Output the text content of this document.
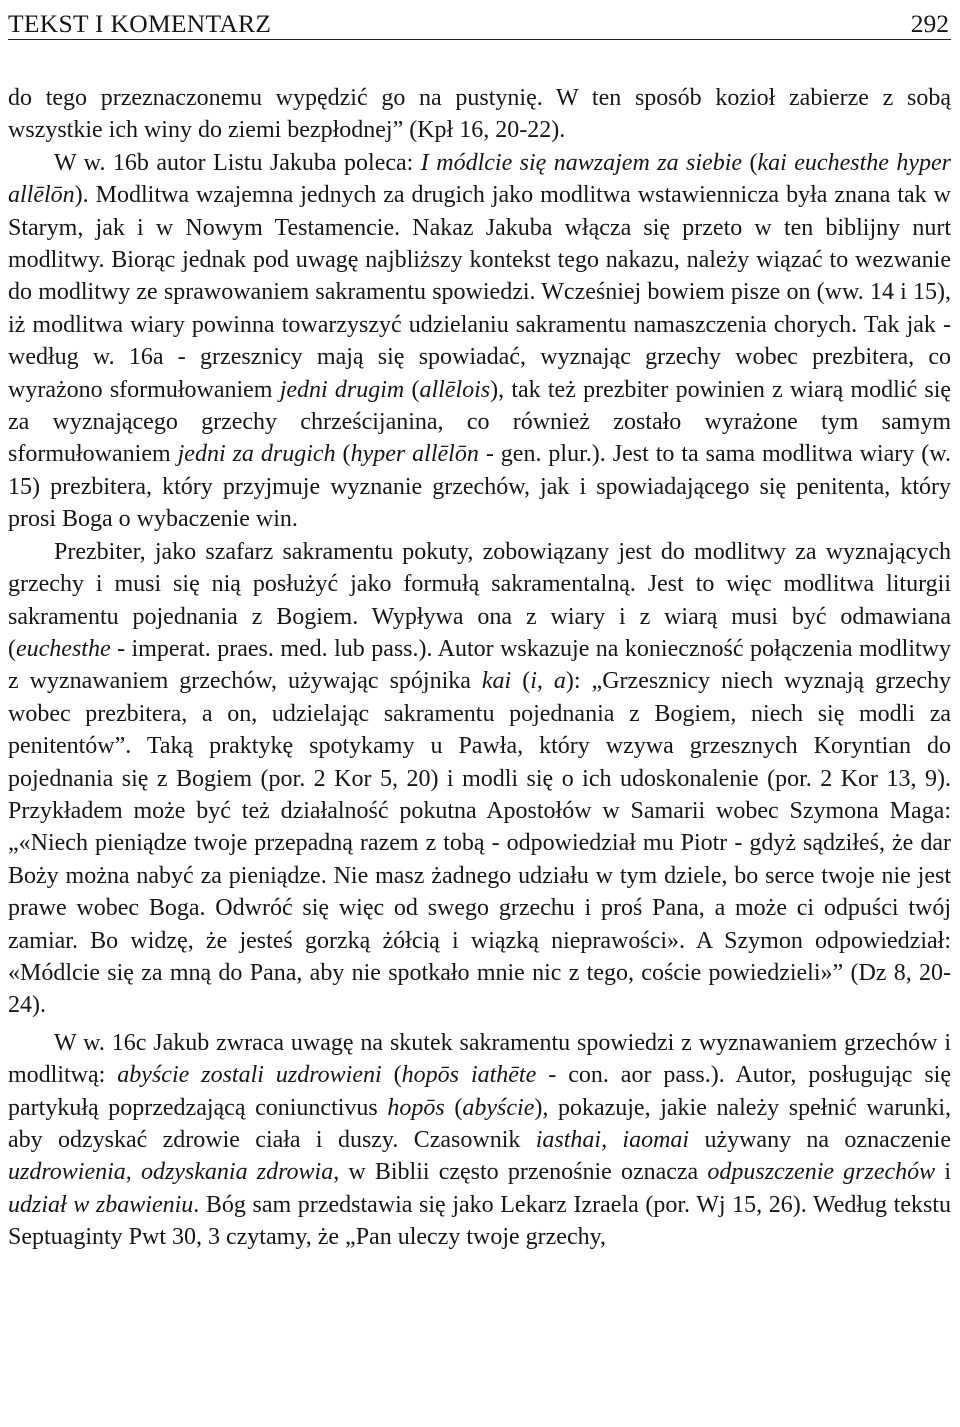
TEKST I KOMENTARZ	292

do tego przeznaczonemu wypędzić go na pustynię. W ten sposób kozioł zabierze z sobą wszystkie ich winy do ziemi bezpłodnej” (Kpł 16, 20-22).

W w. 16b autor Listu Jakuba poleca: I módlcie się nawzajem za siebie (kai euchesthe hyper allēlōn). Modlitwa wzajemna jednych za drugich jako modlitwa wstawiennicza była znana tak w Starym, jak i w Nowym Testamencie. Nakaz Jakuba włącza się przeto w ten biblijny nurt modlitwy. Biorąc jednak pod uwagę najbliższy kontekst tego nakazu, należy wiązać to wezwanie do modlitwy ze sprawowaniem sakramentu spowiedzi. Wcześniej bowiem pisze on (ww. 14 i 15), iż modlitwa wiary powinna towarzyszyć udzielaniu sakramentu namaszczenia chorych. Tak jak - według w. 16a - grzesznicy mają się spowiadać, wyznając grzechy wobec prezbitera, co wyrażono sformułowaniem jedni drugim (allēlois), tak też prezbiter powinien z wiarą modlić się za wyznającego grzechy chrześcijanina, co również zostało wyrażone tym samym sformułowaniem jedni za drugich (hyper allēlōn - gen. plur.). Jest to ta sama modlitwa wiary (w. 15) prezbitera, który przyjmuje wyznanie grzechów, jak i spowiadającego się penitenta, który prosi Boga o wybaczenie win.

Prezbiter, jako szafarz sakramentu pokuty, zobowiązany jest do modlitwy za wyznających grzechy i musi się nią posłużyć jako formułą sakramentalną. Jest to więc modlitwa liturgii sakramentu pojednania z Bogiem. Wypływa ona z wiary i z wiarą musi być odmawiana (euchesthe - imperat. praes. med. lub pass.). Autor wskazuje na konieczność połączenia modlitwy z wyznawaniem grzechów, używając spójnika kai (i, a): „Grzesznicy niech wyznają grzechy wobec prezbitera, a on, udzielając sakramentu pojednania z Bogiem, niech się modli za penitentów”. Taką praktykę spotykamy u Pawła, który wzywa grzesznych Koryntian do pojednania się z Bogiem (por. 2 Kor 5, 20) i modli się o ich udoskonalenie (por. 2 Kor 13, 9). Przykładem może być też działalność pokutna Apostołów w Samarii wobec Szymona Maga: „«Niech pieniądze twoje przepadną razem z tobą - odpowiedział mu Piotr - gdyż sądziłeś, że dar Boży można nabyć za pieniądze. Nie masz żadnego udziału w tym dziele, bo serce twoje nie jest prawe wobec Boga. Odwróć się więc od swego grzechu i proś Pana, a może ci odpuści twój zamiar. Bo widzę, że jesteś gorzką żółcią i wiązką nieprawości». A Szymon odpowiedział: «Módlcie się za mną do Pana, aby nie spotkało mnie nic z tego, coście powiedzieli»” (Dz 8, 20-24).

W w. 16c Jakub zwraca uwagę na skutek sakramentu spowiedzi z wyznawaniem grzechów i modlitwą: abyście zostali uzdrowieni (hopōs iathēte - con. aor pass.). Autor, posługując się partykułą poprzedzającą coniunctivus hopōs (abyście), pokazuje, jakie należy spełnić warunki, aby odzyskać zdrowie ciała i duszy. Czasownik iasthai, iaomai używany na oznaczenie uzdrowienia, odzyskania zdrowia, w Biblii często przenośnie oznacza odpuszczenie grzechów i udział w zbawieniu. Bóg sam przedstawia się jako Lekarz Izraela (por. Wj 15, 26). Według tekstu Septuaginty Pwt 30, 3 czytamy, że „Pan uleczy twoje grzechy,
